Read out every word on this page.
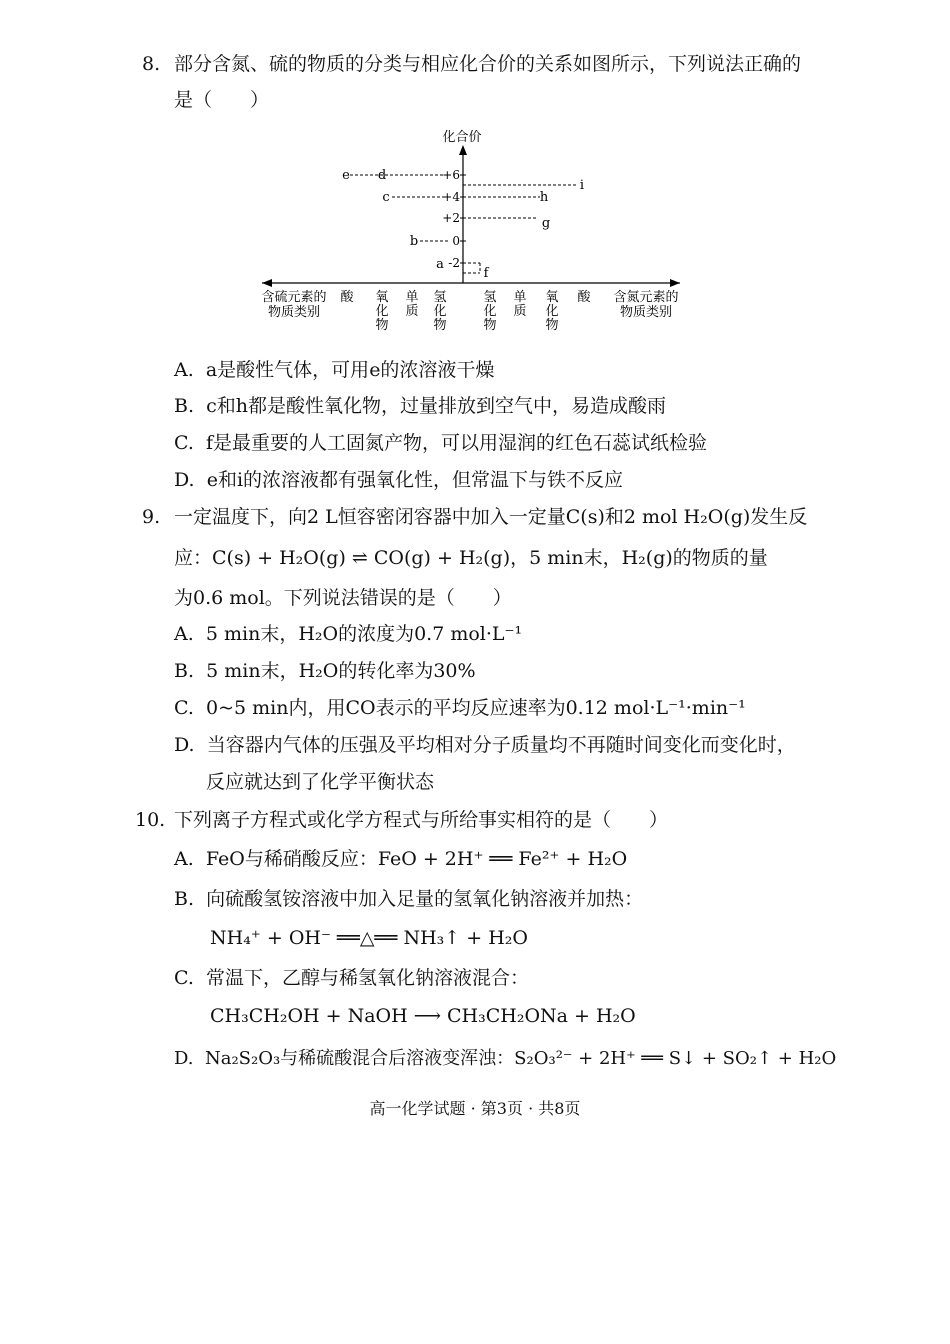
8. 部分含氮、硫的物质的分类与相应化合价的关系如图所示，下列说法正确的
是（　　）
化合价
+6
+4
+2
0
-2
e d
c
b
a
i
h
g
f
酸 氧
化
物
单
质
氢
化
物
氢
化
物
单
质
氧
化
物
酸
含硫元素的
物质类别
含氮元素的
物质类别
A. a是酸性气体，可用e的浓溶液干燥
B. c和h都是酸性氧化物，过量排放到空气中，易造成酸雨
C. f是最重要的人工固氮产物，可以用湿润的红色石蕊试纸检验
D. e和i的浓溶液都有强氧化性，但常温下与铁不反应
9. 一定温度下，向2 L恒容密闭容器中加入一定量C(s)和2 mol H₂O(g)发生反
应：C(s) + H₂O(g) ⇌ CO(g) + H₂(g)，5 min末，H₂(g)的物质的量
为0.6 mol。下列说法错误的是（　　）
A. 5 min末，H₂O的浓度为0.7 mol·L⁻¹
B. 5 min末，H₂O的转化率为30%
C. 0~5 min内，用CO表示的平均反应速率为0.12 mol·L⁻¹·min⁻¹
D. 当容器内气体的压强及平均相对分子质量均不再随时间变化而变化时，
反应就达到了化学平衡状态
10. 下列离子方程式或化学方程式与所给事实相符的是（　　）
A. FeO与稀硝酸反应：FeO + 2H⁺ ══ Fe²⁺ + H₂O
B. 向硫酸氢铵溶液中加入足量的氢氧化钠溶液并加热：
NH₄⁺ + OH⁻ ══△══ NH₃↑ + H₂O
C. 常温下，乙醇与稀氢氧化钠溶液混合：
CH₃CH₂OH + NaOH ⟶ CH₃CH₂ONa + H₂O
D. Na₂S₂O₃与稀硫酸混合后溶液变浑浊：S₂O₃²⁻ + 2H⁺ ══ S↓ + SO₂↑ + H₂O
高一化学试题 · 第3页 · 共8页
